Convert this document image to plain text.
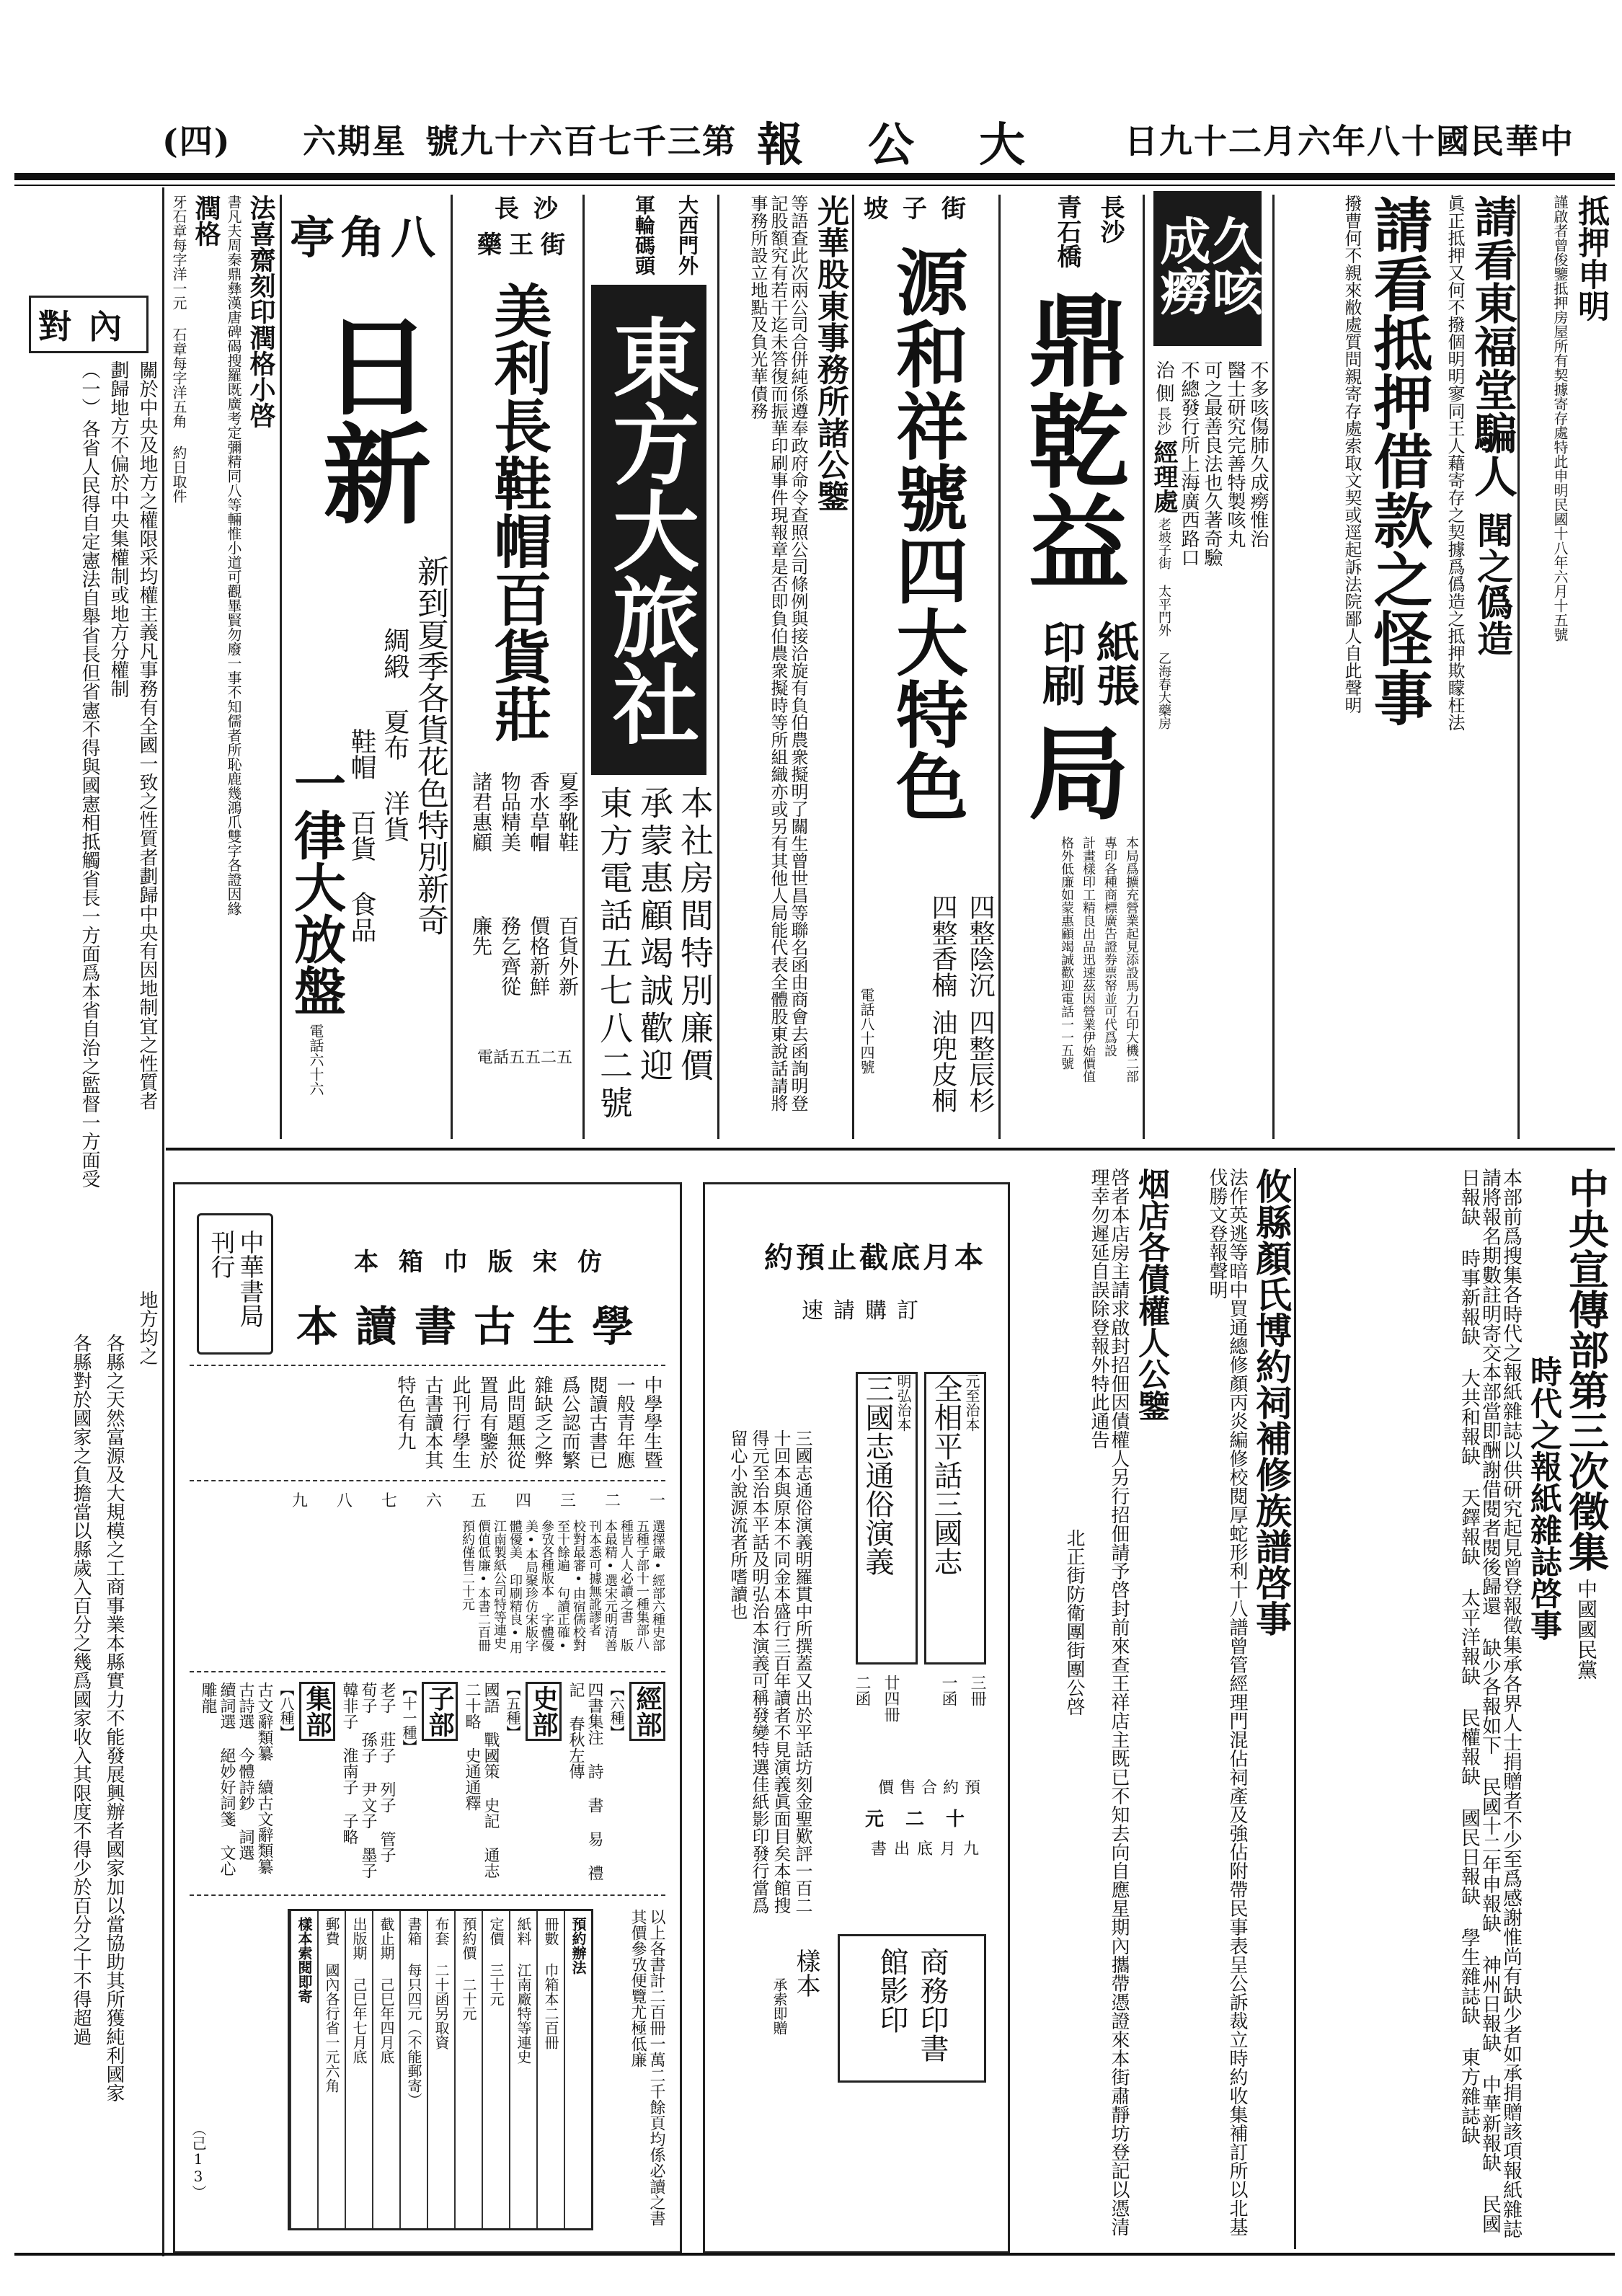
中華民國十八年六月二十九日
大公報
第三千七百六十九號
星期六
(四)
對內
關於中央及地方之權限采均權主義凡事務有全國一致之性質者劃歸中央有因地制宜之性質者
劃歸地方不偏於中央集權制或地方分權制
（一）
各省人民得自定憲法自舉省長但省憲不得與國憲相抵觸省長一方面爲本省自治之監督一方面受
地方均之
各縣之天然富源及大規模之工商事業本縣實力不能發展興辦者國家加以當協助其所獲純利國家
各縣對於國家之負擔當以縣歲入百分之幾爲國家收入其限度不得少於百分之十不得超過
抵押申明
謹啟者曾俊鑒抵押房屋所有契據寄存處特此申明民國十八年六月十五號
請看東福堂騙人
聞之僞造
眞正抵押又何不撥個明明寥同王人藉寄存之契據爲僞造之抵押欺矇枉法
請看抵押借款之怪事
撥曹何不親來敝處質問親寄存處索取文契或逕起訴法院鄙人自此聲明
久咳成癆
不多咳傷肺久成癆惟治
醫士研究完善特製咳丸
可之最善良法也久著奇驗
不總發行所上海廣西路口
治
側
長沙
經理處
老坡子街 太平門外 乙海春大藥房
長沙
青石橋
鼎乾益
紙張
印刷
局
本局爲擴充營業起見添設馬力石印大機二部
專印各種商標廣告證券票帑並可代爲設
計畫樣印工精良出品迅速茲因營業伊始價值
格外低廉如蒙惠顧竭誠歡迎電話一一五號
坡子街
源和祥號四大特色
四整陰沉
四整辰杉
四整香楠
油兜皮桐
電話八十四號
光華股東事務所諸公鑒
等語查此次兩公司合併純係遵奉政府命令查照公司條例與接洽旋有負伯農衆擬明了關生曾世昌等聯名函由商會去函詢明登記股額究有若干迄未答復而振華印刷事件現報章是否即負伯農衆擬時等所組織亦或另有其他人局能代表全體股東說話請將事務所設立地點及負光華債務
大西門外
軍輪碼頭
東方大旅社
本社房間特別廉價
承蒙惠顧竭誠歡迎
東方電話五七八二號
長沙
藥王街
美利長鞋帽百貨莊
夏季靴鞋
香水草帽
物品精美
諸君惠顧
百貨外新
價格新鮮
務乞齊從
廉先
電話五五二五
八角亭
日新
新到夏季各貨花色特別新奇
綢緞 夏布 洋貨
鞋帽 百貨 食品
一律大放盤
電話六十六
法喜齋刻印潤格小啓
書凡夫周秦鼎彝漢唐碑碣搜羅既廣考定彌精同八等輛惟小道可觀畢賢勿廢一事不知儒者所恥鹿幾鴻爪雙字各證因緣
潤格
牙石章每字洋一元 石章每字洋五角 約日取件
中央宣傳部第三次徵集
中國國民黨
時代之報紙雜誌啓事
本部前爲搜集各時代之報紙雜誌以供研究起見曾登報徵集承各界人士捐贈者不少至爲感謝惟尚有缺少者如承捐贈該項報紙雜誌請將報名期數註明寄交本部當即酬謝借閱者閱後歸還 缺少各報如下 民國十二年申報缺 神州日報缺 中華新報缺 民國日報缺 時事新報缺 大共和報缺 天鐸報缺 太平洋報缺 民權報缺 國民日報缺 學生雜誌缺 東方雜誌缺
攸縣顏氏博約祠補修族譜啓事
法作英逃等暗中買通總修顏丙炎編修校閱厚蛇形利十八譜曾管經理門混佔祠產及強佔附帶民事表呈公訴裁立時約收集補訂所以北基伐勝文登報聲明
烟店各債權人公鑒
啓者本店房主請求啟封招佃因債權人另行招佃請予啓封前來查王祥店主既已不知去向自應星期內攜帶憑證來本街肅靜坊登記以憑清理幸勿遲延自誤除登報外特此通告
北正街防衛團街團公啓
本月底截止預約
訂購請速
元至治本
全相平話三國志
明弘治本
三國志通俗演義
三冊
一函
廿四冊
二函
預約合售價
十二元
九月底出書
商務印書館影印
樣本
承索即贈
三國志通俗演義明羅貫中所撰蓋又出於平話坊刻金聖歎評一百二十回本與原本不同金本盛行三百年讀者不見演義眞面目矣本館搜得元至治本平話及明弘治本演義可稱發變特選佳紙影印發行當爲留心小說源流者所嗜讀也
中華書局刊行	仿宋版巾箱本
學生古書讀本
中學學生暨一般青年應閱讀古書已爲公認而繁雜缺乏之弊此問題無從置局有鑒於此刊行學生古書讀本其特色有九
一
二
三
四
五
六
七
八
九
選擇嚴•經部六種史部五種子部十一種集部八種皆人人必讀之書 版本最精•選宋元明清善刊本悉可據無訛謬者 校對最審•由宿儒校對至十餘遍 句讀正確•參攷各種版本 字體優美•本局聚珍仿宋版字體優美 印刷精良•用江南製紙公司特等連史 價值低廉•本書二百冊預約僅售二十元
經部
【六種】
四書集注 詩 書 易 禮記 春秋左傳
史部
【五種】
國語 戰國策 史記 通志二十略 史通通釋
子部
【十一種】
老子 莊子 列子 管子 荀子 孫子 尹文子 墨子 韓非子 淮南子 子略
集部
【八種】
古文辭類纂 續古文辭類纂 古詩選 今體詩鈔 詞選 續詞選 絕妙好詞箋 文心雕龍
以上各書計二百冊一萬二千餘頁均係必讀之書其價參攷便覽尤極低廉
預約辦法
冊數 巾箱本二百冊
紙料 江南廠特等連史
定價 三十元
預約價 二十元
布套 二十函另取資
書箱 每只四元（不能郵寄）
截止期 己巳年四月底
出版期 己巳年七月底
郵費 國內各行省一元六角
樣本索閱即寄
（己13）
